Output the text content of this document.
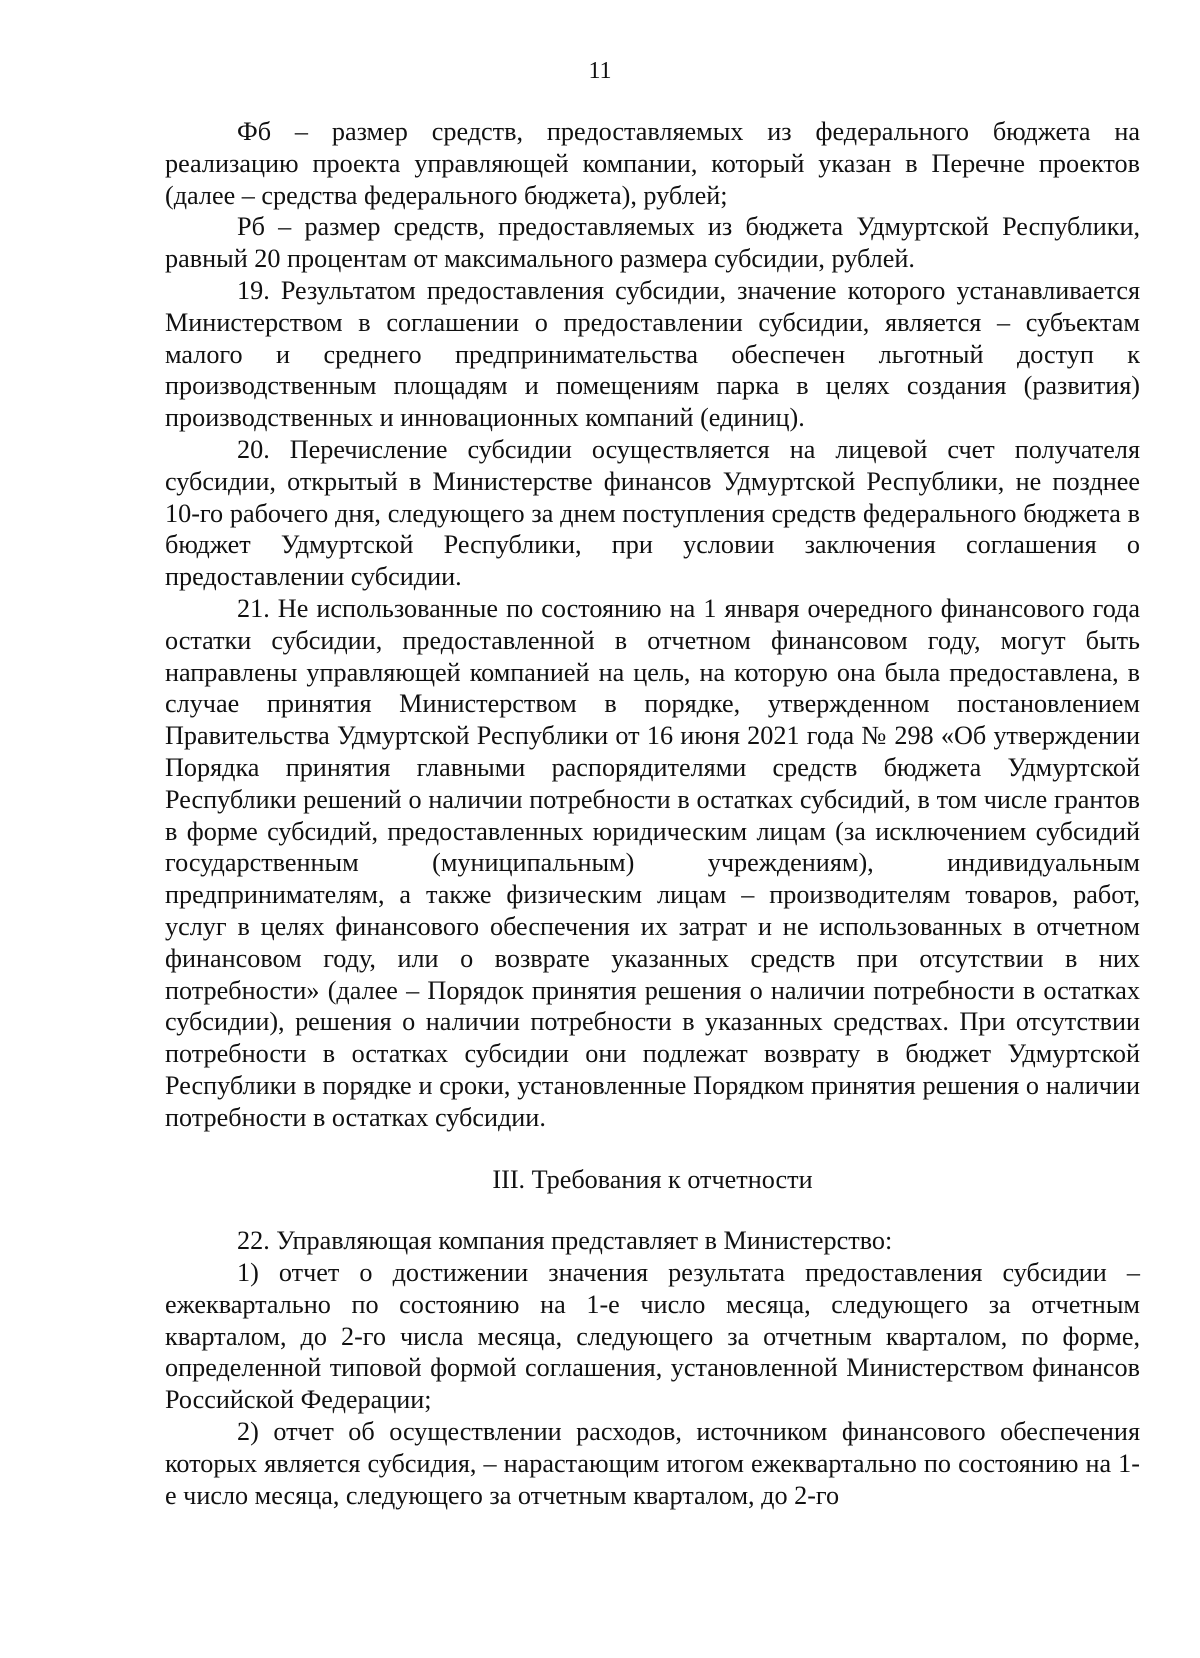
11

Фб – размер средств, предоставляемых из федерального бюджета на реализацию проекта управляющей компании, который указан в Перечне проектов (далее – средства федерального бюджета), рублей;

Рб – размер средств, предоставляемых из бюджета Удмуртской Республики, равный 20 процентам от максимального размера субсидии, рублей.

19. Результатом предоставления субсидии, значение которого устанавливается Министерством в соглашении о предоставлении субсидии, является – субъектам малого и среднего предпринимательства обеспечен льготный доступ к производственным площадям и помещениям парка в целях создания (развития) производственных и инновационных компаний (единиц).

20. Перечисление субсидии осуществляется на лицевой счет получателя субсидии, открытый в Министерстве финансов Удмуртской Республики, не позднее 10-го рабочего дня, следующего за днем поступления средств федерального бюджета в бюджет Удмуртской Республики, при условии заключения соглашения о предоставлении субсидии.

21. Не использованные по состоянию на 1 января очередного финансового года остатки субсидии, предоставленной в отчетном финансовом году, могут быть направлены управляющей компанией на цель, на которую она была предоставлена, в случае принятия Министерством в порядке, утвержденном постановлением Правительства Удмуртской Республики от 16 июня 2021 года № 298 «Об утверждении Порядка принятия главными распорядителями средств бюджета Удмуртской Республики решений о наличии потребности в остатках субсидий, в том числе грантов в форме субсидий, предоставленных юридическим лицам (за исключением субсидий государственным (муниципальным) учреждениям), индивидуальным предпринимателям, а также физическим лицам – производителям товаров, работ, услуг в целях финансового обеспечения их затрат и не использованных в отчетном финансовом году, или о возврате указанных средств при отсутствии в них потребности» (далее – Порядок принятия решения о наличии потребности в остатках субсидии), решения о наличии потребности в указанных средствах. При отсутствии потребности в остатках субсидии они подлежат возврату в бюджет Удмуртской Республики в порядке и сроки, установленные Порядком принятия решения о наличии потребности в остатках субсидии.

III. Требования к отчетности

22. Управляющая компания представляет в Министерство:

1) отчет о достижении значения результата предоставления субсидии – ежеквартально по состоянию на 1-е число месяца, следующего за отчетным кварталом, до 2-го числа месяца, следующего за отчетным кварталом, по форме, определенной типовой формой соглашения, установленной Министерством финансов Российской Федерации;

2) отчет об осуществлении расходов, источником финансового обеспечения которых является субсидия, – нарастающим итогом ежеквартально по состоянию на 1-е число месяца, следующего за отчетным кварталом, до 2-го
